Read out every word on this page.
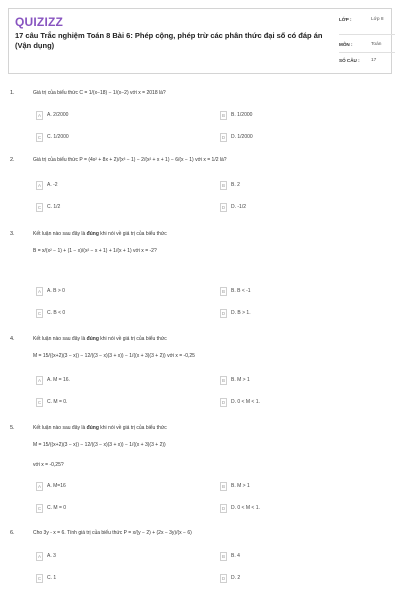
QUIZIZZ
17 câu Trắc nghiệm Toán 8 Bài 6: Phép cộng, phép trừ các phân thức đại số có đáp án (Vận dụng)
LỚP :	Lớp 8
MÔN :	Toán
SỐ CÂU : 17
1.	Giá trị của biểu thức C = 1/(x−18) − 1/(x−2) với x = 2018 là?
A	A. 2/2000	B	B. 1/2000
C	C. 1/2000	D	D. 1/2000
2.	Giá trị của biểu thức P = (4x² + 8x + 2)/(x³ − 1) − 2/(x² + x + 1) − 6/(x − 1) với x = 1/2 là?
A	A. -2	B	B. 2
C	C. 1/2	D	D. -1/2
3.	Kết luận nào sau đây là đúng khi nói về giá trị của biểu thức
B = x/(x² − 1) + (1 − x)/(x² − x + 1) + 1/(x + 1) với x = -2?
A	A. B > 0	B	B. B < -1
C	C. B < 0	D	D. B > 1.
4.	Kết luận nào sau đây là đúng khi nói về giá trị của biểu thức
M = 15/((x+2)(3 − x)) − 12/((3 − x)(3 + x)) − 1/((x + 3)(3 + 2)) với x = -0,25
A	A. M = 16.	B	B. M > 1
C	C. M = 0.	D	D. 0 < M < 1.
5.	Kết luận nào sau đây là đúng khi nói về giá trị của biểu thức
M = 15/((x+2)(3 − x)) − 12/((3 − x)(3 + x)) − 1/((x + 3)(3 + 2))
với x = -0,25?
A	A. M=16	B	B. M > 1
C	C. M = 0	D	D. 0 < M < 1.
6.	Cho 3y - x = 6. Tính giá trị của biểu thức P = x/(y − 2) + (2x − 3y)/(x − 6)
A	A. 3	B	B. 4
C	C. 1	D	D. 2
